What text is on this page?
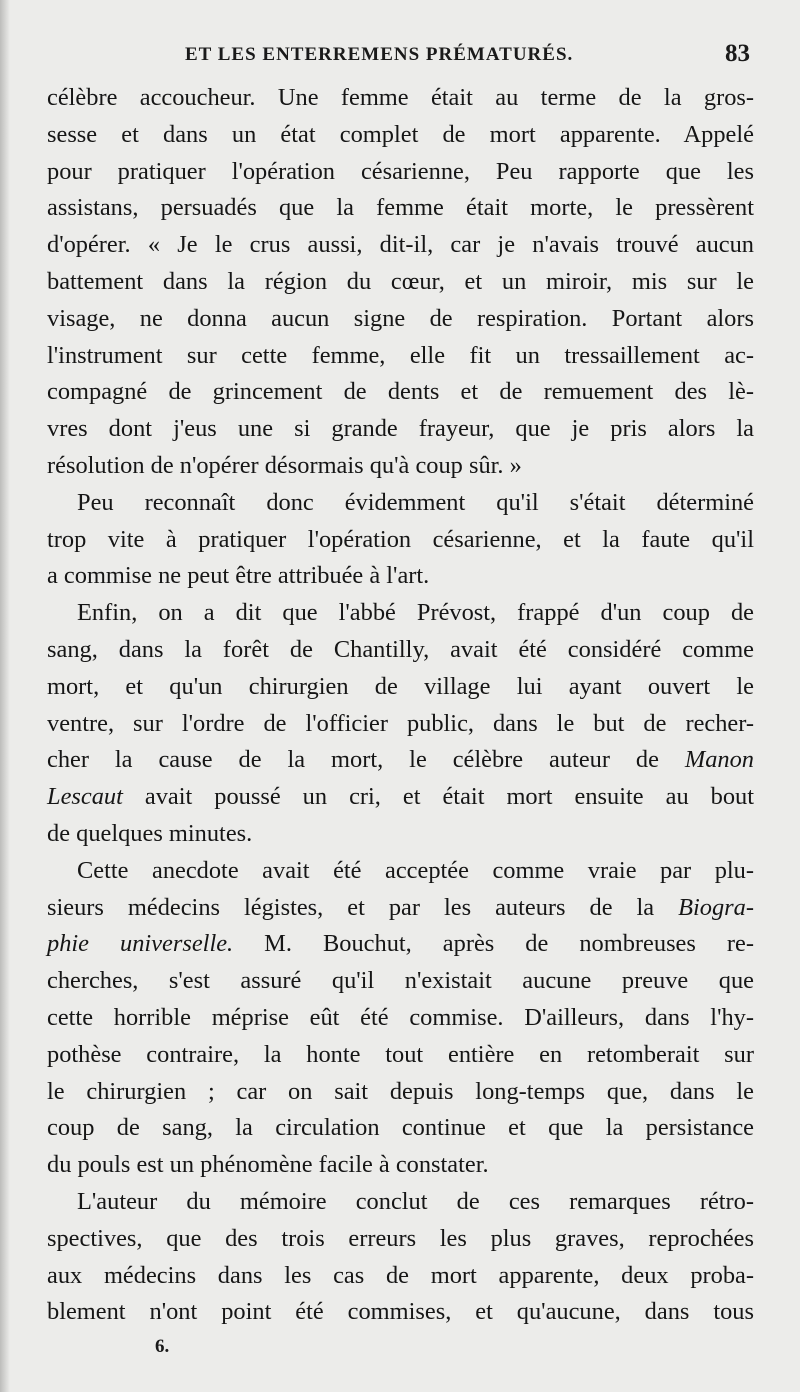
ET LES ENTERREMENS PRÉMATURÉS.	83
célèbre accoucheur. Une femme était au terme de la gros-
sesse et dans un état complet de mort apparente. Appelé
pour pratiquer l'opération césarienne, Peu rapporte que les
assistans, persuadés que la femme était morte, le pressèrent
d'opérer. « Je le crus aussi, dit-il, car je n'avais trouvé aucun
battement dans la région du cœur, et un miroir, mis sur le
visage, ne donna aucun signe de respiration. Portant alors
l'instrument sur cette femme, elle fit un tressaillement ac-
compagné de grincement de dents et de remuement des lè-
vres dont j'eus une si grande frayeur, que je pris alors la
résolution de n'opérer désormais qu'à coup sûr. »
Peu reconnaît donc évidemment qu'il s'était déterminé
trop vite à pratiquer l'opération césarienne, et la faute qu'il
a commise ne peut être attribuée à l'art.
Enfin, on a dit que l'abbé Prévost, frappé d'un coup de
sang, dans la forêt de Chantilly, avait été considéré comme
mort, et qu'un chirurgien de village lui ayant ouvert le
ventre, sur l'ordre de l'officier public, dans le but de recher-
cher la cause de la mort, le célèbre auteur de Manon
Lescaut avait poussé un cri, et était mort ensuite au bout
de quelques minutes.
Cette anecdote avait été acceptée comme vraie par plu-
sieurs médecins légistes, et par les auteurs de la Biogra-
phie universelle. M. Bouchut, après de nombreuses re-
cherches, s'est assuré qu'il n'existait aucune preuve que
cette horrible méprise eût été commise. D'ailleurs, dans l'hy-
pothèse contraire, la honte tout entière en retomberait sur
le chirurgien ; car on sait depuis long-temps que, dans le
coup de sang, la circulation continue et que la persistance
du pouls est un phénomène facile à constater.
L'auteur du mémoire conclut de ces remarques rétro-
spectives, que des trois erreurs les plus graves, reprochées
aux médecins dans les cas de mort apparente, deux proba-
blement n'ont point été commises, et qu'aucune, dans tous
6.
